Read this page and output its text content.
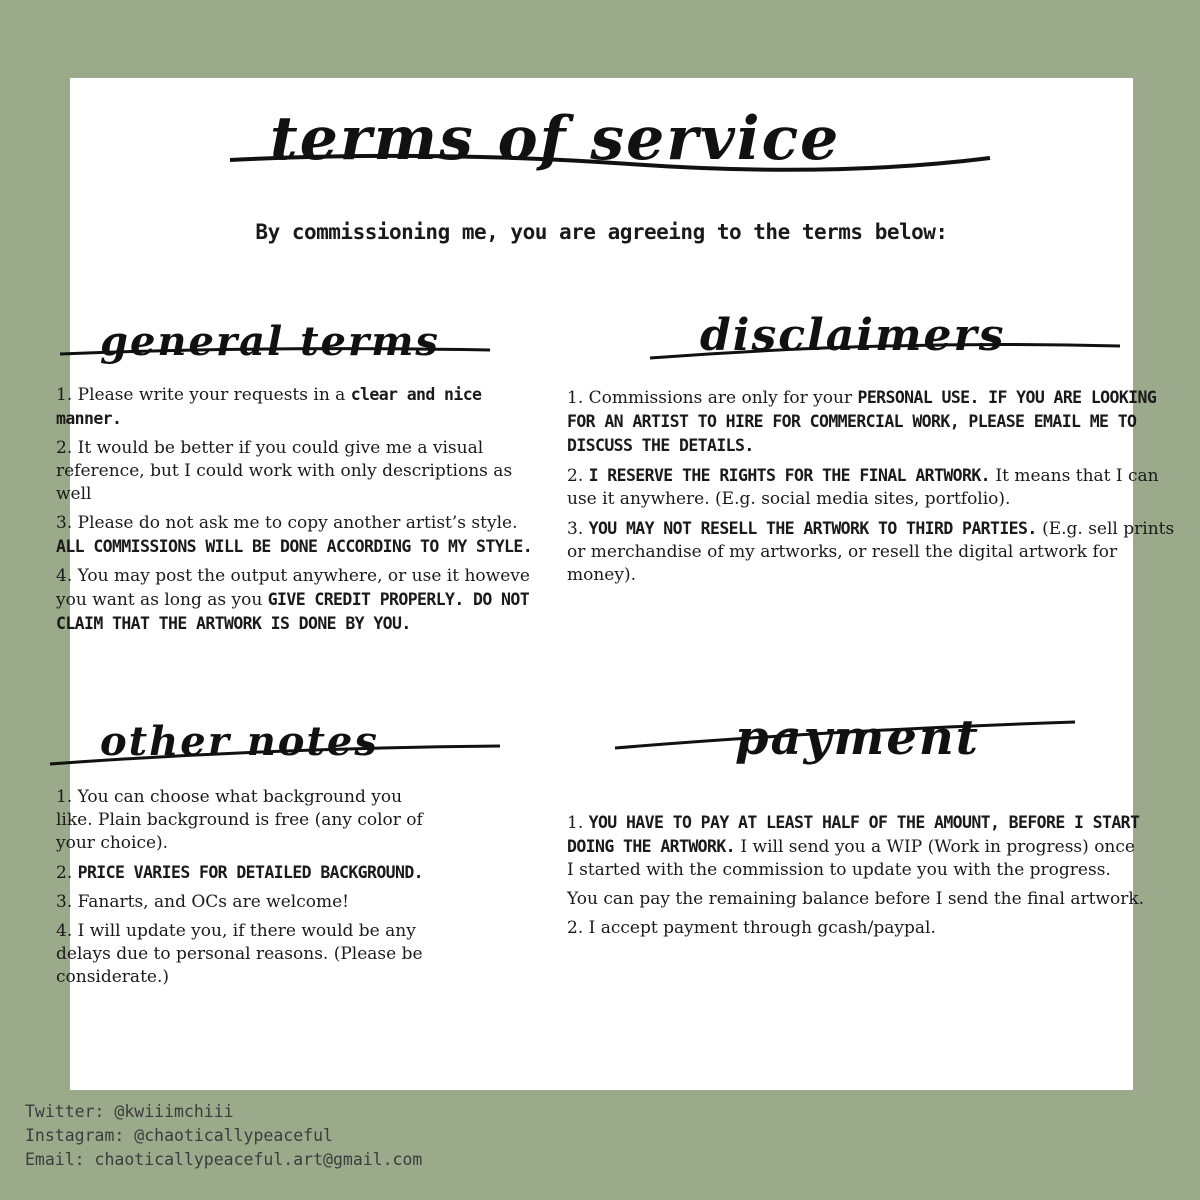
terms of service
By commissioning me, you are agreeing to the terms below:
general terms	disclaimers

1. Please write your requests in a clear and nice manner.

2. It would be better if you could give me a visual reference, but I could work with only descriptions as well

3. Please do not ask me to copy another artist’s style. ALL COMMISSIONS WILL BE DONE ACCORDING TO MY STYLE.

4. You may post the output anywhere, or use it howeve you want as long as you GIVE CREDIT PROPERLY. DO NOT CLAIM THAT THE ARTWORK IS DONE BY YOU.

1. Commissions are only for your PERSONAL USE. IF YOU ARE LOOKING FOR AN ARTIST TO HIRE FOR COMMERCIAL WORK, PLEASE EMAIL ME TO DISCUSS THE DETAILS.

2. I RESERVE THE RIGHTS FOR THE FINAL ARTWORK. It means that I can use it anywhere. (E.g. social media sites, portfolio).

3. YOU MAY NOT RESELL THE ARTWORK TO THIRD PARTIES. (E.g. sell prints or merchandise of my artworks, or resell the digital artwork for money).

other notes	payment

1. You can choose what background you like. Plain background is free (any color of your choice).

2. PRICE VARIES FOR DETAILED BACKGROUND.

3. Fanarts, and OCs are welcome!

4. I will update you, if there would be any delays due to personal reasons. (Please be considerate.)

1. YOU HAVE TO PAY AT LEAST HALF OF THE AMOUNT, BEFORE I START DOING THE ARTWORK. I will send you a WIP (Work in progress) once I started with the commission to update you with the progress.

You can pay the remaining balance before I send the final artwork.

2. I accept payment through gcash/paypal.

Twitter: @kwiiimchiii
Instagram: @chaoticallypeaceful
Email: chaoticallypeaceful.art@gmail.com
